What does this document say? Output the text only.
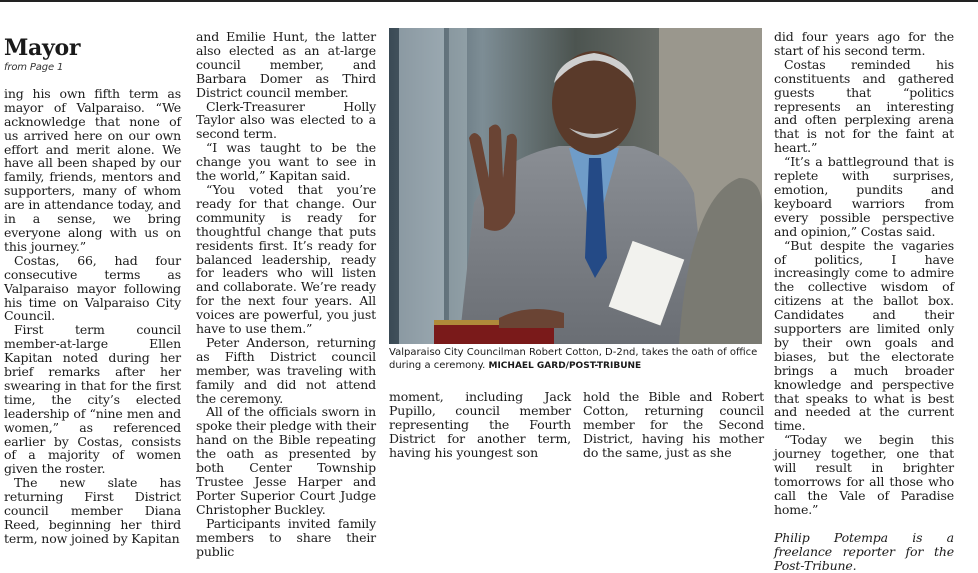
Mayor
from Page 1

ing his own fifth term as mayor of Valparaiso. “We acknowledge that none of us arrived here on our own effort and merit alone. We have all been shaped by our family, friends, mentors and supporters, many of whom are in attendance today, and in a sense, we bring everyone along with us on this journey.”

Costas, 66, had four consecutive terms as Valparaiso mayor following his time on Valparaiso City Council.

First term council member-at-large Ellen Kapitan noted during her brief remarks after her swearing in that for the first time, the city’s elected leadership of “nine men and women,” as referenced earlier by Costas, consists of a majority of women given the roster.

The new slate has returning First District council member Diana Reed, beginning her third term, now joined by Kapitan

and Emilie Hunt, the latter also elected as an at-large council member, and Barbara Domer as Third District council member.

Clerk-Treasurer Holly Taylor also was elected to a second term.

“I was taught to be the change you want to see in the world,” Kapitan said.

“You voted that you’re ready for that change. Our community is ready for thoughtful change that puts residents first. It’s ready for balanced leadership, ready for leaders who will listen and collaborate. We’re ready for the next four years. All voices are powerful, you just have to use them.”

Peter Anderson, returning as Fifth District council member, was traveling with family and did not attend the ceremony.

All of the officials sworn in spoke their pledge with their hand on the Bible repeating the oath as presented by both Center Township Trustee Jesse Harper and Porter Superior Court Judge Christopher Buckley.

Participants invited family members to share their public

Valparaiso City Councilman Robert Cotton, D-2nd, takes the oath of office during a ceremony. MICHAEL GARD/POST-TRIBUNE

moment, including Jack Pupillo, council member representing the Fourth District for another term, having his youngest son

hold the Bible and Robert Cotton, returning council member for the Second District, having his mother do the same, just as she

did four years ago for the start of his second term.

Costas reminded his constituents and gathered guests that “politics represents an interesting and often perplexing arena that is not for the faint at heart.”

“It’s a battleground that is replete with surprises, emotion, pundits and keyboard warriors from every possible perspective and opinion,” Costas said.

“But despite the vagaries of politics, I have increasingly come to admire the collective wisdom of citizens at the ballot box. Candidates and their supporters are limited only by their own goals and biases, but the electorate brings a much broader knowledge and perspective that speaks to what is best and needed at the current time.

“Today we begin this journey together, one that will result in brighter tomorrows for all those who call the Vale of Paradise home.”

Philip Potempa is a freelance reporter for the Post-Tribune.
